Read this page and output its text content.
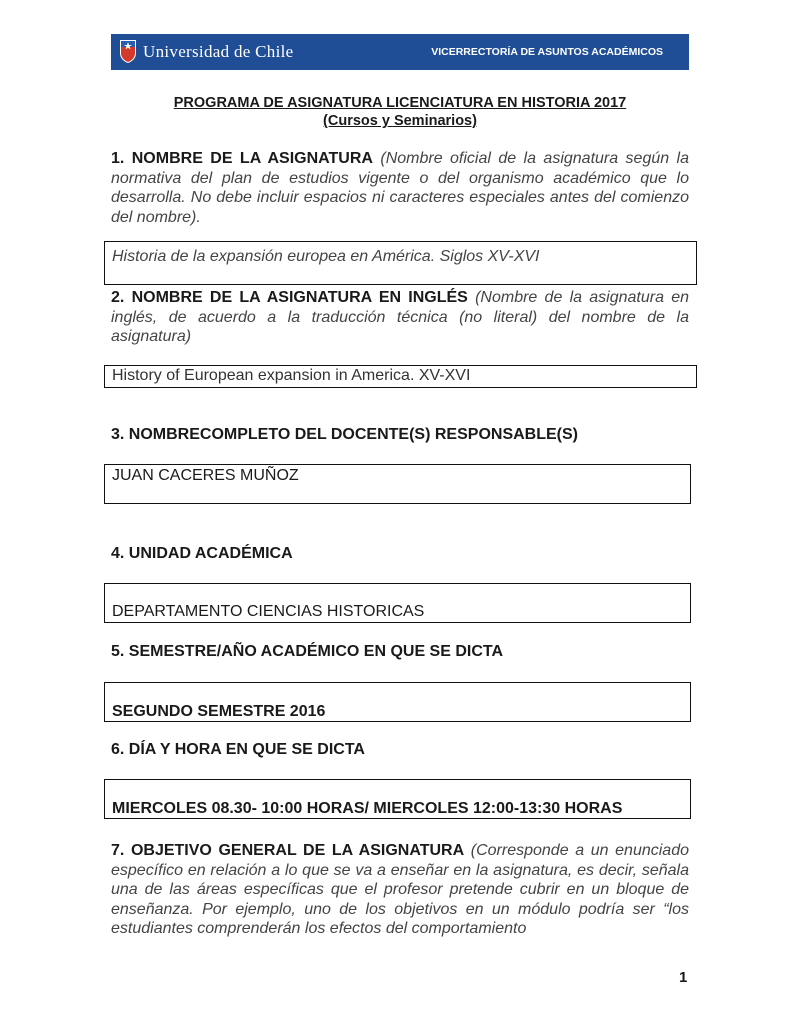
Universidad de Chile	VICERRECTORÍA DE ASUNTOS ACADÉMICOS
PROGRAMA DE ASIGNATURA LICENCIATURA EN HISTORIA 2017
(Cursos y Seminarios)
1. NOMBRE DE LA ASIGNATURA (Nombre oficial de la asignatura según la normativa del plan de estudios vigente o del organismo académico que lo desarrolla. No debe incluir espacios ni caracteres especiales antes del comienzo del nombre).
Historia de la expansión europea en América. Siglos XV-XVI
2. NOMBRE DE LA ASIGNATURA EN INGLÉS (Nombre de la asignatura en inglés, de acuerdo a la traducción técnica (no literal) del nombre de la asignatura)
History of European expansion in America. XV-XVI
3. NOMBRECOMPLETO DEL DOCENTE(S) RESPONSABLE(S)
JUAN CACERES MUÑOZ
4. UNIDAD ACADÉMICA
DEPARTAMENTO CIENCIAS HISTORICAS
5. SEMESTRE/AÑO ACADÉMICO EN QUE SE DICTA
SEGUNDO SEMESTRE 2016
6. DÍA Y HORA EN QUE SE DICTA
MIERCOLES 08.30- 10:00 HORAS/ MIERCOLES 12:00-13:30 HORAS
7. OBJETIVO GENERAL DE LA ASIGNATURA (Corresponde a un enunciado específico en relación a lo que se va a enseñar en la asignatura, es decir, señala una de las áreas específicas que el profesor pretende cubrir en un bloque de enseñanza. Por ejemplo, uno de los objetivos en un módulo podría ser “los estudiantes comprenderán los efectos del comportamiento
1
